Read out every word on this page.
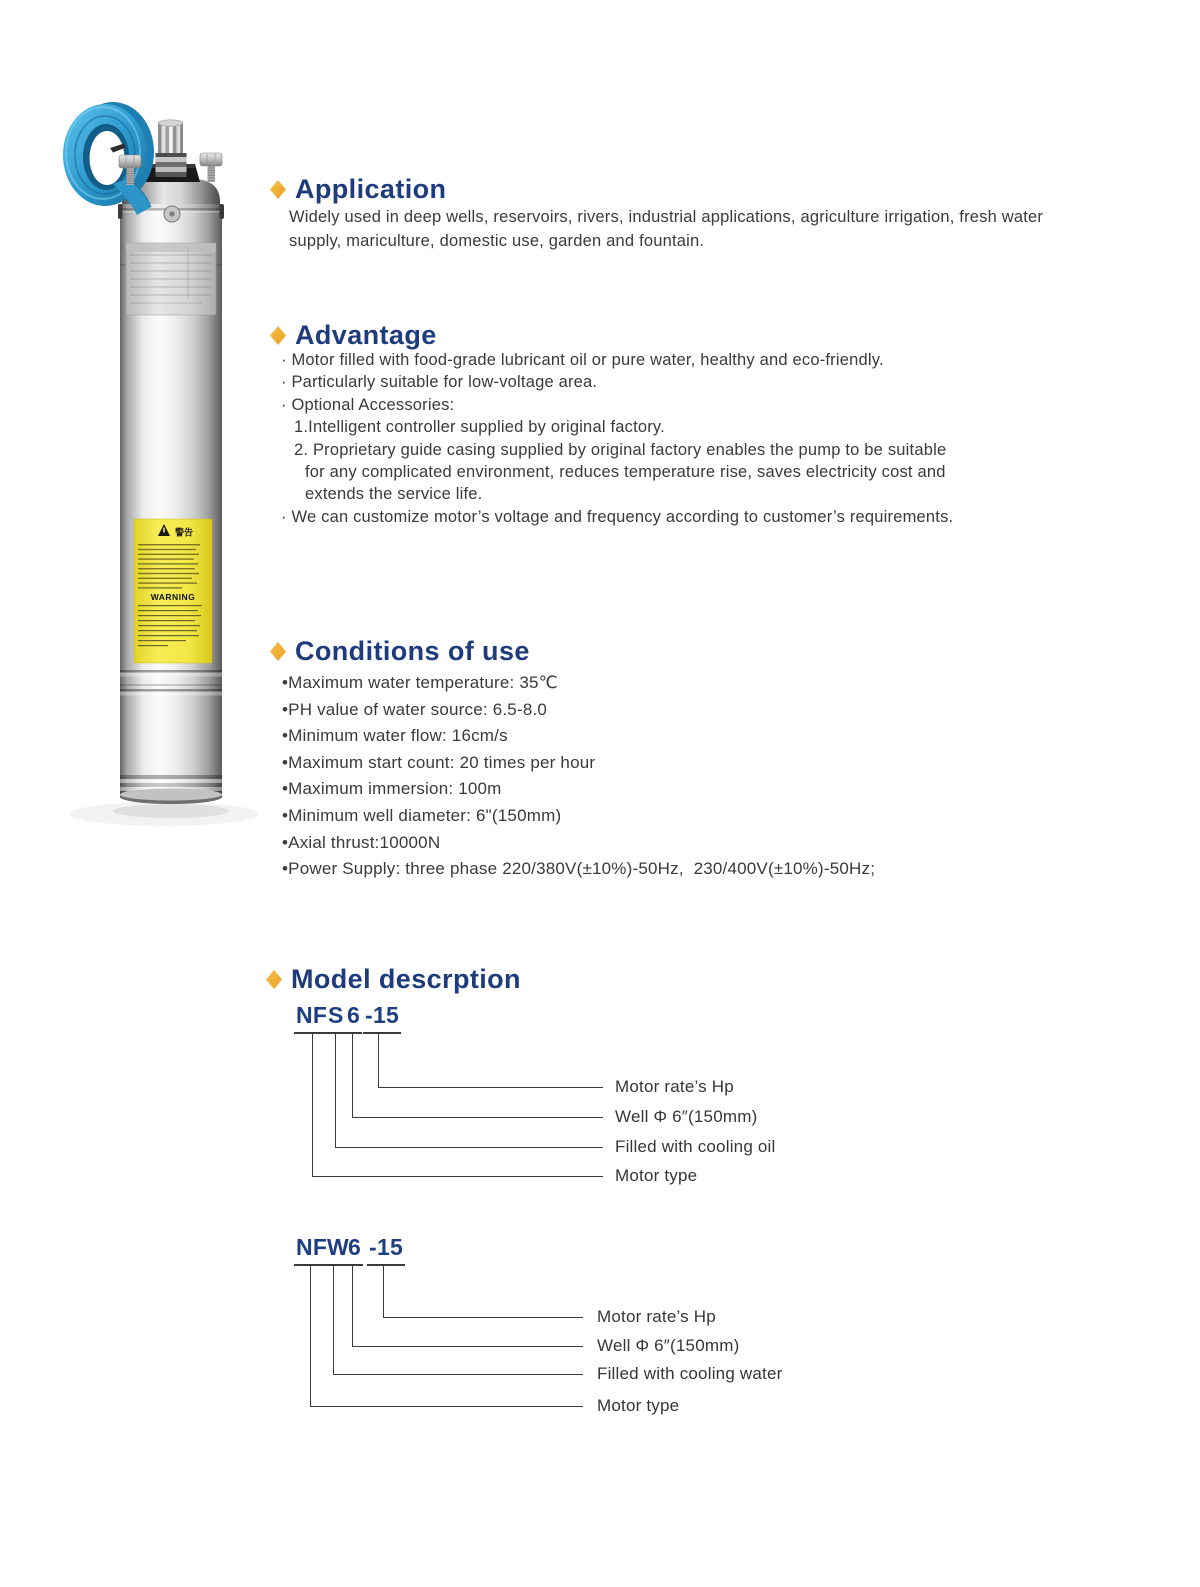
警告
WARNING
Application
Widely used in deep wells, reservoirs, rivers, industrial applications, agriculture irrigation, fresh water supply, mariculture, domestic use, garden and fountain.
Advantage
· Motor filled with food-grade lubricant oil or pure water, healthy and eco-friendly.
· Particularly suitable for low-voltage area.
· Optional Accessories:
1.Intelligent controller supplied by original factory.
2. Proprietary guide casing supplied by original factory enables the pump to be suitable
for any complicated environment, reduces temperature rise, saves electricity cost and
extends the service life.
· We can customize motor’s voltage and frequency according to customer’s requirements.
Conditions of use
•Maximum water temperature: 35℃
•PH value of water source: 6.5-8.0
•Minimum water flow: 16cm/s
•Maximum start count: 20 times per hour
•Maximum immersion: 100m
•Minimum well diameter: 6"(150mm)
•Axial thrust:10000N
•Power Supply: three phase 220/380V(±10%)-50Hz,  230/400V(±10%)-50Hz;
Model descrption
NF S 6 -15
Motor rate’s Hp
Well Φ 6″(150mm)
Filled with cooling oil
Motor type
NF W
6 -15
Motor rate’s Hp
Well Φ 6″(150mm)
Filled with cooling water
Motor type
